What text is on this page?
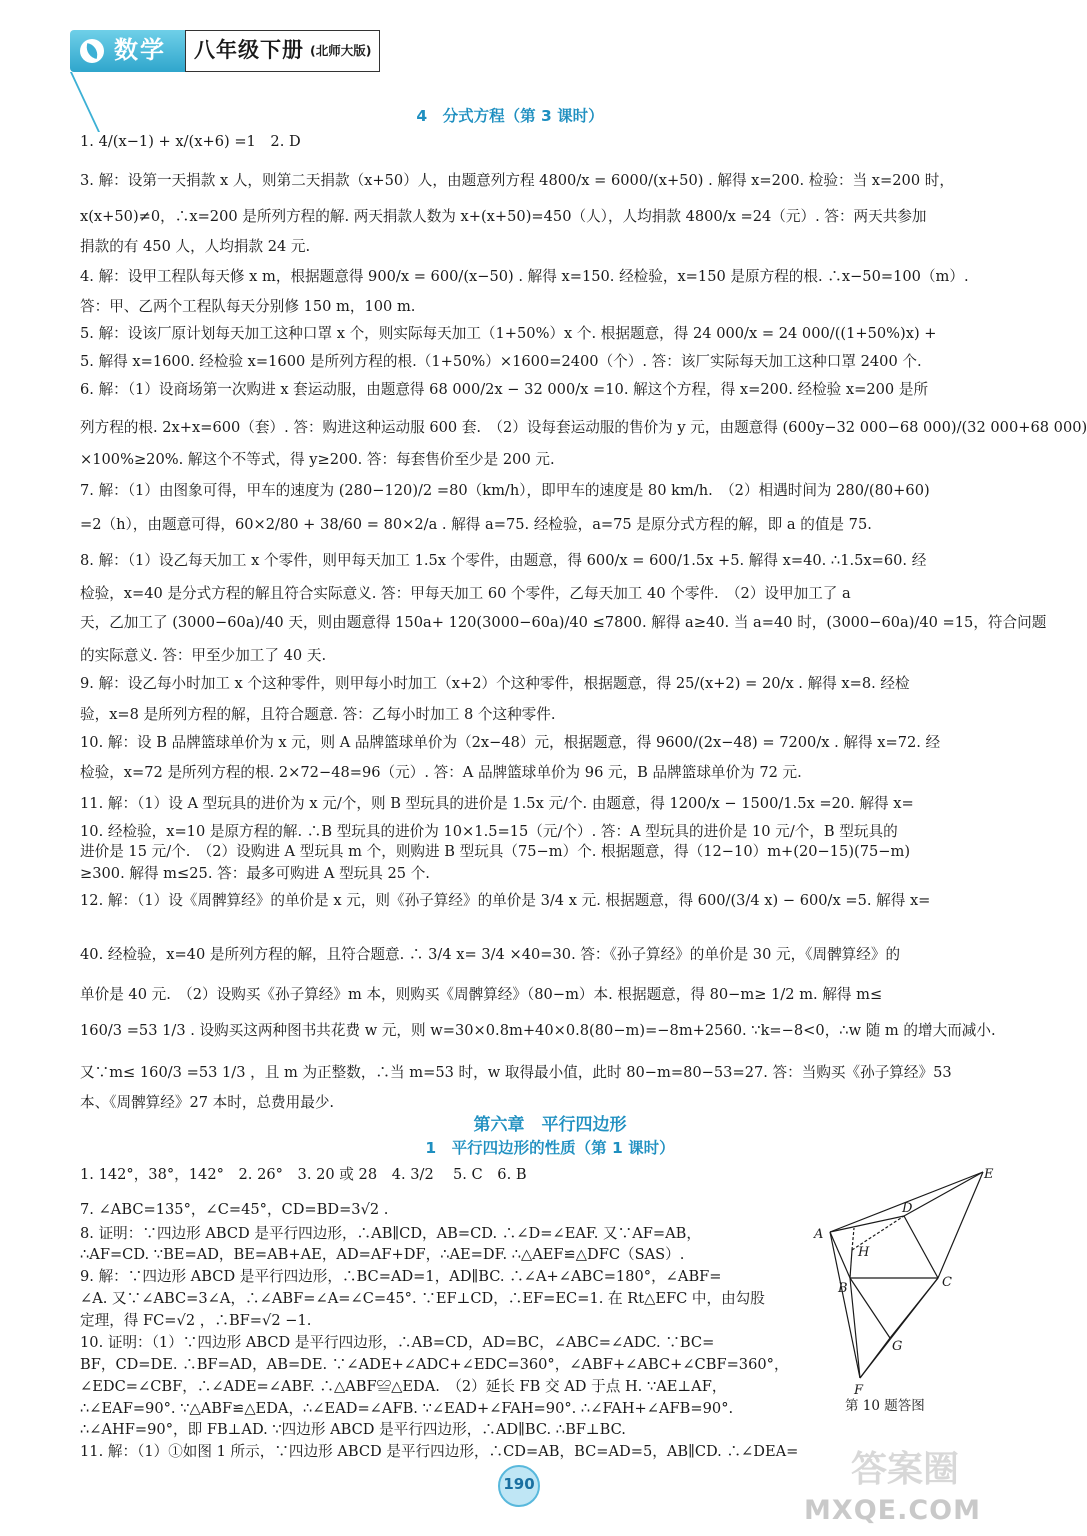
数学 八年级下册 (北师大版)
4　分式方程（第 3 课时）
1. 4/(x−1) + x/(x+6) =1　2. D
3. 解：设第一天捐款 x 人，则第二天捐款（x+50）人，由题意列方程 4800/x = 6000/(x+50) . 解得 x=200. 检验：当 x=200 时，
x(x+50)≠0，∴x=200 是所列方程的解. 两天捐款人数为 x+(x+50)=450（人），人均捐款 4800/x =24（元）. 答：两天共参加
捐款的有 450 人，人均捐款 24 元.
4. 解：设甲工程队每天修 x m，根据题意得 900/x = 600/(x−50) . 解得 x=150. 经检验，x=150 是原方程的根. ∴x−50=100（m）.
答：甲、乙两个工程队每天分别修 150 m，100 m.
5. 解：设该厂原计划每天加工这种口罩 x 个，则实际每天加工（1+50%）x 个. 根据题意，得 24 000/x = 24 000/((1+50%)x) +
5. 解得 x=1600. 经检验 x=1600 是所列方程的根.（1+50%）×1600=2400（个）. 答：该厂实际每天加工这种口罩 2400 个.
6. 解：（1）设商场第一次购进 x 套运动服，由题意得 68 000/2x − 32 000/x =10. 解这个方程，得 x=200. 经检验 x=200 是所
列方程的根. 2x+x=600（套）. 答：购进这种运动服 600 套.　（2）设每套运动服的售价为 y 元，由题意得 (600y−32 000−68 000)/(32 000+68 000)
×100%≥20%. 解这个不等式，得 y≥200. 答：每套售价至少是 200 元.
7. 解：（1）由图象可得，甲车的速度为 (280−120)/2 =80（km/h），即甲车的速度是 80 km/h.　（2）相遇时间为 280/(80+60)
=2（h），由题意可得，60×2/80 + 38/60 = 80×2/a . 解得 a=75. 经检验，a=75 是原分式方程的解，即 a 的值是 75.
8. 解：（1）设乙每天加工 x 个零件，则甲每天加工 1.5x 个零件，由题意，得 600/x = 600/1.5x +5. 解得 x=40. ∴1.5x=60. 经
检验，x=40 是分式方程的解且符合实际意义. 答：甲每天加工 60 个零件，乙每天加工 40 个零件.　（2）设甲加工了 a
天，乙加工了 (3000−60a)/40 天，则由题意得 150a+ 120(3000−60a)/40 ≤7800. 解得 a≥40. 当 a=40 时，(3000−60a)/40 =15，符合问题
的实际意义. 答：甲至少加工了 40 天.
9. 解：设乙每小时加工 x 个这种零件，则甲每小时加工（x+2）个这种零件，根据题意，得 25/(x+2) = 20/x . 解得 x=8. 经检
验，x=8 是所列方程的解，且符合题意. 答：乙每小时加工 8 个这种零件.
10. 解：设 B 品牌篮球单价为 x 元，则 A 品牌篮球单价为（2x−48）元，根据题意，得 9600/(2x−48) = 7200/x . 解得 x=72. 经
检验，x=72 是所列方程的根. 2×72−48=96（元）. 答：A 品牌篮球单价为 96 元，B 品牌篮球单价为 72 元.
11. 解：（1）设 A 型玩具的进价为 x 元/个，则 B 型玩具的进价是 1.5x 元/个. 由题意，得 1200/x − 1500/1.5x =20. 解得 x=
10. 经检验，x=10 是原方程的解. ∴B 型玩具的进价为 10×1.5=15（元/个）. 答：A 型玩具的进价是 10 元/个，B 型玩具的
进价是 15 元/个.　（2）设购进 A 型玩具 m 个，则购进 B 型玩具（75−m）个. 根据题意，得（12−10）m+(20−15)(75−m)
≥300. 解得 m≤25. 答：最多可购进 A 型玩具 25 个.
12. 解：（1）设《周髀算经》的单价是 x 元，则《孙子算经》的单价是 3/4 x 元. 根据题意，得 600/(3/4 x) − 600/x =5. 解得 x=
40. 经检验，x=40 是所列方程的解，且符合题意. ∴ 3/4 x= 3/4 ×40=30. 答：《孙子算经》的单价是 30 元，《周髀算经》的
单价是 40 元.　（2）设购买《孙子算经》m 本，则购买《周髀算经》（80−m）本. 根据题意，得 80−m≥ 1/2 m. 解得 m≤
160/3 =53 1/3 . 设购买这两种图书共花费 w 元，则 w=30×0.8m+40×0.8(80−m)=−8m+2560. ∵k=−8<0，∴w 随 m 的增大而减小.
又∵m≤ 160/3 =53 1/3 ，且 m 为正整数，∴当 m=53 时，w 取得最小值，此时 80−m=80−53=27. 答：当购买《孙子算经》53
本、《周髀算经》27 本时，总费用最少.
第六章　平行四边形
1　平行四边形的性质（第 1 课时）
1. 142°，38°，142°　2. 26°　3. 20 或 28　4. 3/2 　5. C　6. B
7. ∠ABC=135°，∠C=45°，CD=BD=3√2 .
8. 证明：∵四边形 ABCD 是平行四边形，∴AB∥CD，AB=CD. ∴∠D=∠EAF. 又∵AF=AB，
∴AF=CD. ∵BE=AD，BE=AB+AE，AD=AF+DF，∴AE=DF. ∴△AEF≌△DFC（SAS）.
9. 解：∵四边形 ABCD 是平行四边形，∴BC=AD=1，AD∥BC. ∴∠A+∠ABC=180°，∠ABF=
∠A. 又∵∠ABC=3∠A，∴∠ABF=∠A=∠C=45°. ∵EF⊥CD，∴EF=EC=1. 在 Rt△EFC 中，由勾股
定理，得 FC=√2 ，∴BF=√2 −1.
10. 证明：（1）∵四边形 ABCD 是平行四边形，∴AB=CD，AD=BC，∠ABC=∠ADC. ∵BC=
BF，CD=DE. ∴BF=AD，AB=DE. ∵∠ADE+∠ADC+∠EDC=360°，∠ABF+∠ABC+∠CBF=360°，
∠EDC=∠CBF，∴∠ADE=∠ABF. ∴△ABF≌△EDA.　（2）延长 FB 交 AD 于点 H. ∵AE⊥AF，
∴∠EAF=90°. ∵△ABF≌△EDA，∴∠EAD=∠AFB. ∵∠EAD+∠FAH=90°. ∴∠FAH+∠AFB=90°.
∴∠AHF=90°，即 FB⊥AD. ∵四边形 ABCD 是平行四边形，∴AD∥BC. ∴BF⊥BC.
11. 解：（1）①如图 1 所示，∵四边形 ABCD 是平行四边形，∴CD=AB，BC=AD=5，AB∥CD. ∴∠DEA=
A
H
D
E
B	C
G
F
第 10 题答图
190	答案圈
MXQE.COM
